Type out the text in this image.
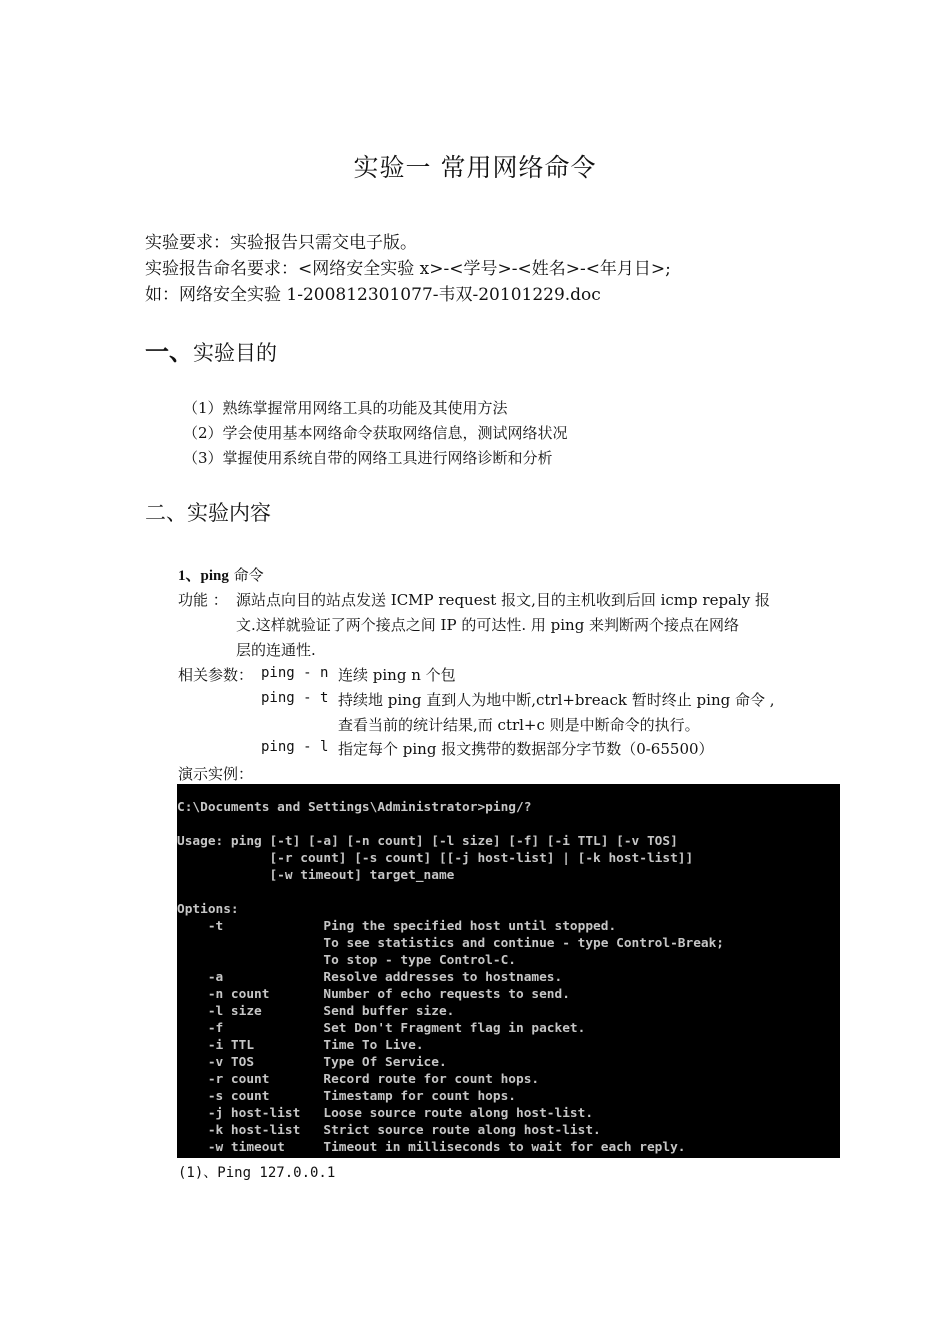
实验一 常用网络命令
实验要求：实验报告只需交电子版。
实验报告命名要求：<网络安全实验 x>-<学号>-<姓名>-<年月日>;
如：网络安全实验 1-200812301077-韦双-20101229.doc
一、实验目的
（1）熟练掌握常用网络工具的功能及其使用方法
（2）学会使用基本网络命令获取网络信息，测试网络状况
（3）掌握使用系统自带的网络工具进行网络诊断和分析
二、实验内容
1、ping 命令
功能 ： 源站点向目的站点发送 ICMP request 报文,目的主机收到后回 icmp repaly 报
文.这样就验证了两个接点之间 IP 的可达性. 用 ping 来判断两个接点在网络
层的连通性.
相关参数： ping - n 连续 ping n 个包
ping - t 持续地 ping 直到人为地中断,ctrl+breack 暂时终止 ping 命令 ,
查看当前的统计结果,而 ctrl+c 则是中断命令的执行。
ping - l 指定每个 ping 报文携带的数据部分字节数（0-65500）
演示实例：
C:\Documents and Settings\Administrator>ping/?

Usage: ping [-t] [-a] [-n count] [-l size] [-f] [-i TTL] [-v TOS]
[-r count] [-s count] [[-j host-list] | [-k host-list]]
[-w timeout] target_name

Options:
-t             Ping the specified host until stopped.
To see statistics and continue - type Control-Break;
To stop - type Control-C.
-a             Resolve addresses to hostnames.
-n count       Number of echo requests to send.
-l size        Send buffer size.
-f             Set Don't Fragment flag in packet.
-i TTL         Time To Live.
-v TOS         Type Of Service.
-r count       Record route for count hops.
-s count       Timestamp for count hops.
-j host-list   Loose source route along host-list.
-k host-list   Strict source route along host-list.
-w timeout     Timeout in milliseconds to wait for each reply.
(1)、Ping 127.0.0.1
